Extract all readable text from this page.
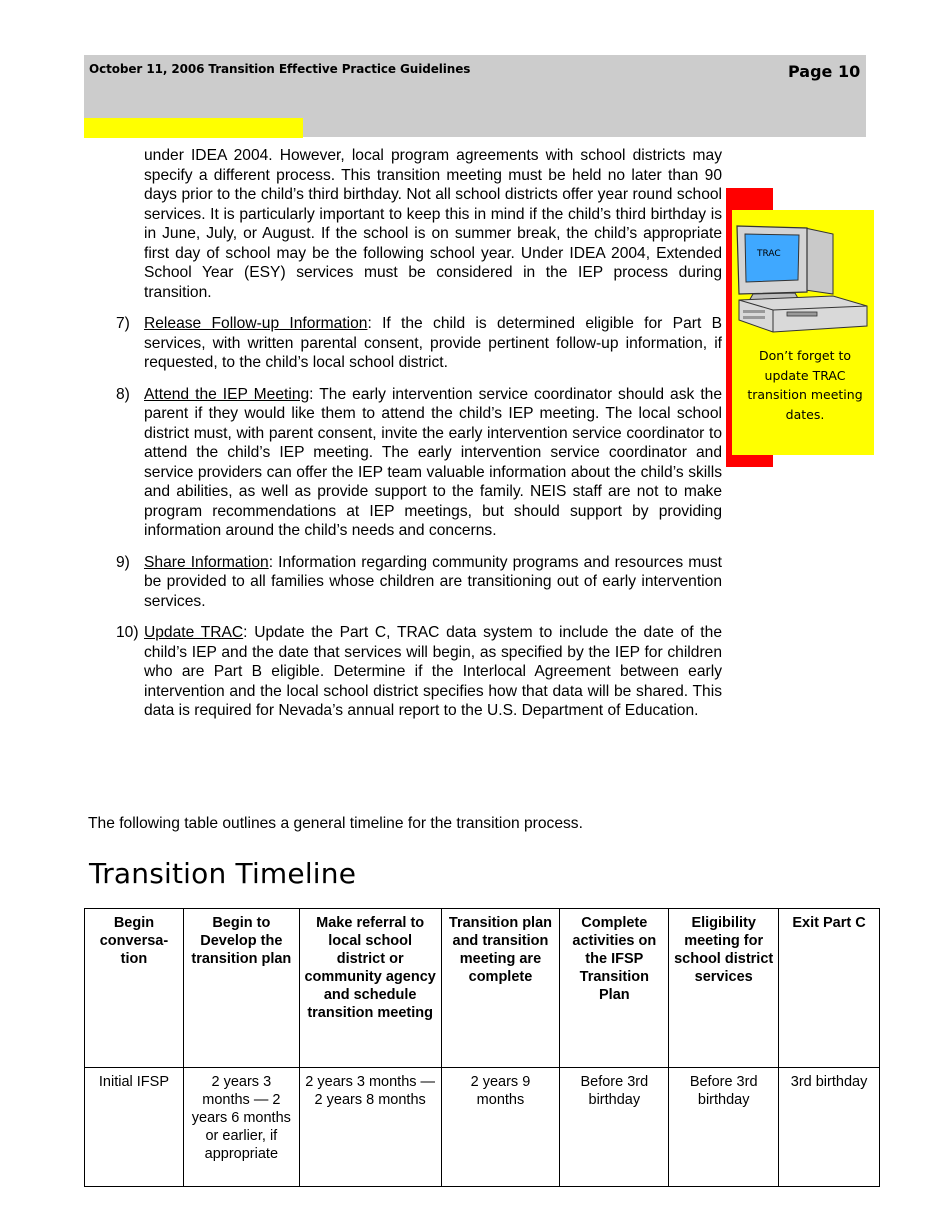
October 11, 2006 Transition Effective Practice Guidelines	Page 10

under IDEA 2004. However, local program agreements with school districts may specify a different process. This transition meeting must be held no later than 90 days prior to the child’s third birthday. Not all school districts offer year round school services. It is particularly important to keep this in mind if the child’s third birthday is in June, July, or August. If the school is on summer break, the child’s appropriate first day of school may be the following school year. Under IDEA 2004, Extended School Year (ESY) services must be considered in the IEP process during transition.

7) Release Follow-up Information: If the child is determined eligible for Part B services, with written parental consent, provide pertinent follow-up information, if requested, to the child’s local school district.
8) Attend the IEP Meeting: The early intervention service coordinator should ask the parent if they would like them to attend the child’s IEP meeting. The local school district must, with parent consent, invite the early intervention service coordinator to attend the child’s IEP meeting. The early intervention service coordinator and service providers can offer the IEP team valuable information about the child’s skills and abilities, as well as provide support to the family. NEIS staff are not to make program recommendations at IEP meetings, but should support by providing information around the child’s needs and concerns.
9) Share Information: Information regarding community programs and resources must be provided to all families whose children are transitioning out of early intervention services.
10) Update TRAC: Update the Part C, TRAC data system to include the date of the child’s IEP and the date that services will begin, as specified by the IEP for children who are Part B eligible. Determine if the Interlocal Agreement between early intervention and the local school district specifies how that data will be shared. This data is required for Nevada’s annual report to the U.S. Department of Education.
TRAC
Don’t forget to update TRAC transition meeting dates.
The following table outlines a general timeline for the transition process.
Transition Timeline
Begin conversa-tion	Begin to Develop the transition plan	Make referral to local school district or community agency and schedule transition meeting	Transition plan and transition meeting are complete	Complete activities on the IFSP Transition Plan	Eligibility meeting for school district services	Exit Part C
Initial IFSP	2 years 3 months — 2 years 6 months or earlier, if appropriate	2 years 3 months — 2 years 8 months	2 years 9 months	Before 3rd birthday	Before 3rd birthday	3rd birthday
